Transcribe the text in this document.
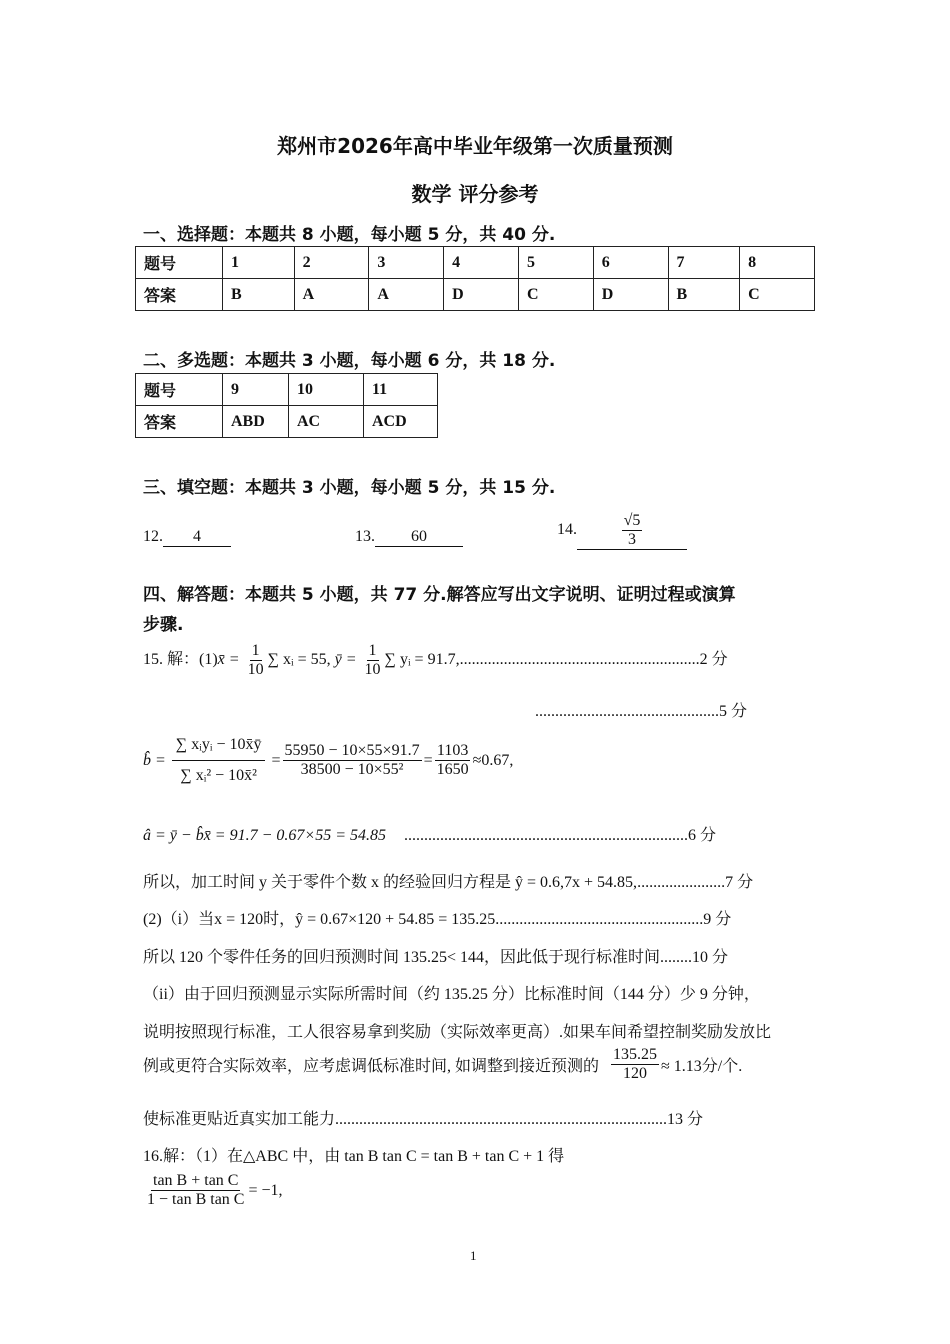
郑州市2026年高中毕业年级第一次质量预测
数学 评分参考
一、选择题：本题共 8 小题，每小题 5 分，共 40 分.
题号	1	2	3	4	5	6	7	8
答案	B	A	A	D	C	D	B	C
二、多选题：本题共 3 小题，每小题 6 分，共 18 分.
题号	9	10	11
答案	ABD	AC	ACD
三、填空题：本题共 3 小题，每小题 5 分，共 15 分.
12. 4	13. 60	14.	$\frac{√5}{3}$
四、解答题：本题共 5 小题，共 77 分.解答应写出文字说明、证明过程或演算
步骤.
15. 解：(1)x̄ = $\frac{1}{10}$ ∑ xᵢ = 55, ȳ = $\frac{1}{10}$ ∑ yᵢ = 91.7,............................................................2 分
..............................................5 分
b̂ = $\frac{\text{∑ xᵢyᵢ − 10x̄ȳ}}{\text{∑ xᵢ² − 10x̄²}} = \frac{55950 - 10\times 55\times 91.7}{\text{38500 − 10×55²}} = \frac{1103}{1650} \approx 0.67$,
â = ȳ − b̂x̄ = 91.7 − 0.67×55 = 54.85 .......................................................................6 分
所以，加工时间 y 关于零件个数 x 的经验回归方程是 ŷ = 0.6,7x + 54.85,......................7 分
(2)（i）当x = 120时，ŷ = 0.67×120 + 54.85 = 135.25....................................................9 分
所以 120 个零件任务的回归预测时间 135.25< 144，因此低于现行标准时间........10 分
（ii）由于回归预测显示实际所需时间（约 135.25 分）比标准时间（144 分）少 9 分钟，
说明按照现行标准，工人很容易拿到奖励（实际效率更高）.如果车间希望控制奖励发放比
例或更符合实际效率，应考虑调低标准时间, 如调整到接近预测的 $\frac{135.25}{120} \approx 1.13$分/个.
使标准更贴近真实加工能力...................................................................................13 分
16.解：（1）在△ABC 中，由 tan B tan C = tan B + tan C + 1 得
$\frac{\text{tan B + tan C}}{\text{1 − tan B tan C}} = -1$,
1
